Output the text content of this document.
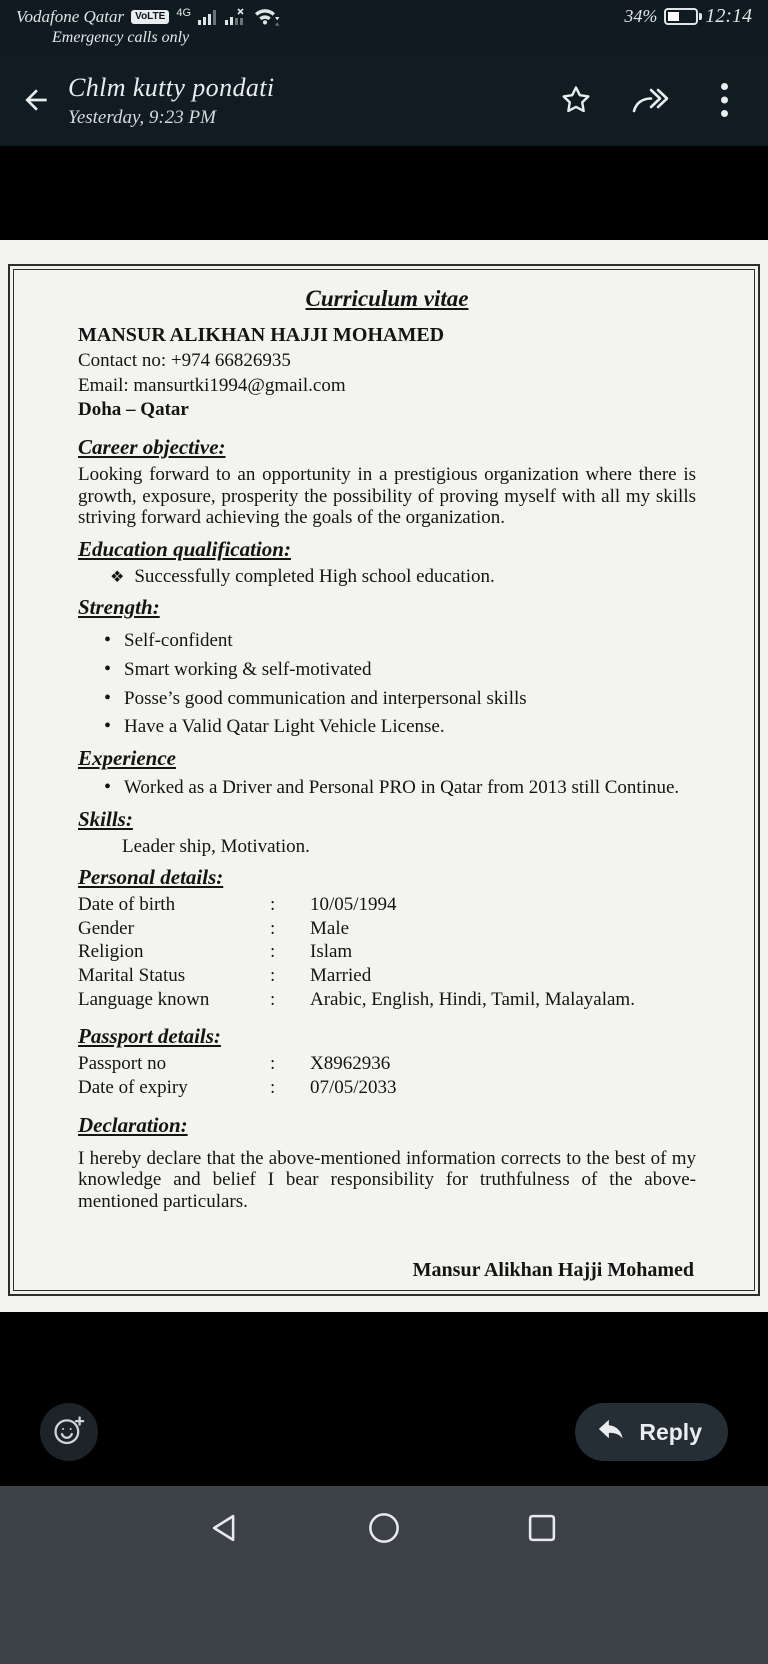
Vodafone Qatar	VoLTE	4G	34% 12:14
Emergency calls only
Chlm kutty pondati
Yesterday, 9:23 PM
Curriculum vitae
MANSUR ALIKHAN HAJJI MOHAMED
Contact no: +974 66826935
Email: mansurtki1994@gmail.com
Doha – Qatar
Career objective:

Looking forward to an opportunity in a prestigious organization where there is growth, exposure, prosperity the possibility of proving myself with all my skills striving forward achieving the goals of the organization.

Education qualification:
❖ Successfully completed High school education.
Strength:
• Self-confident
• Smart working & self-motivated
• Posse’s good communication and interpersonal skills
• Have a Valid Qatar Light Vehicle License.
Experience
• Worked as a Driver and Personal PRO in Qatar from 2013 still Continue.
Skills:
Leader ship, Motivation.
Personal details:
Date of birth	:	10/05/1994
Gender	:	Male
Religion	:	Islam
Marital Status	:	Married
Language known	:	Arabic, English, Hindi, Tamil, Malayalam.
Passport details:
Passport no	:	X8962936
Date of expiry	:	07/05/2033
Declaration:

I hereby declare that the above-mentioned information corrects to the best of my knowledge and belief I bear responsibility for truthfulness of the above-mentioned particulars.

Mansur Alikhan Hajji Mohamed
Reply
